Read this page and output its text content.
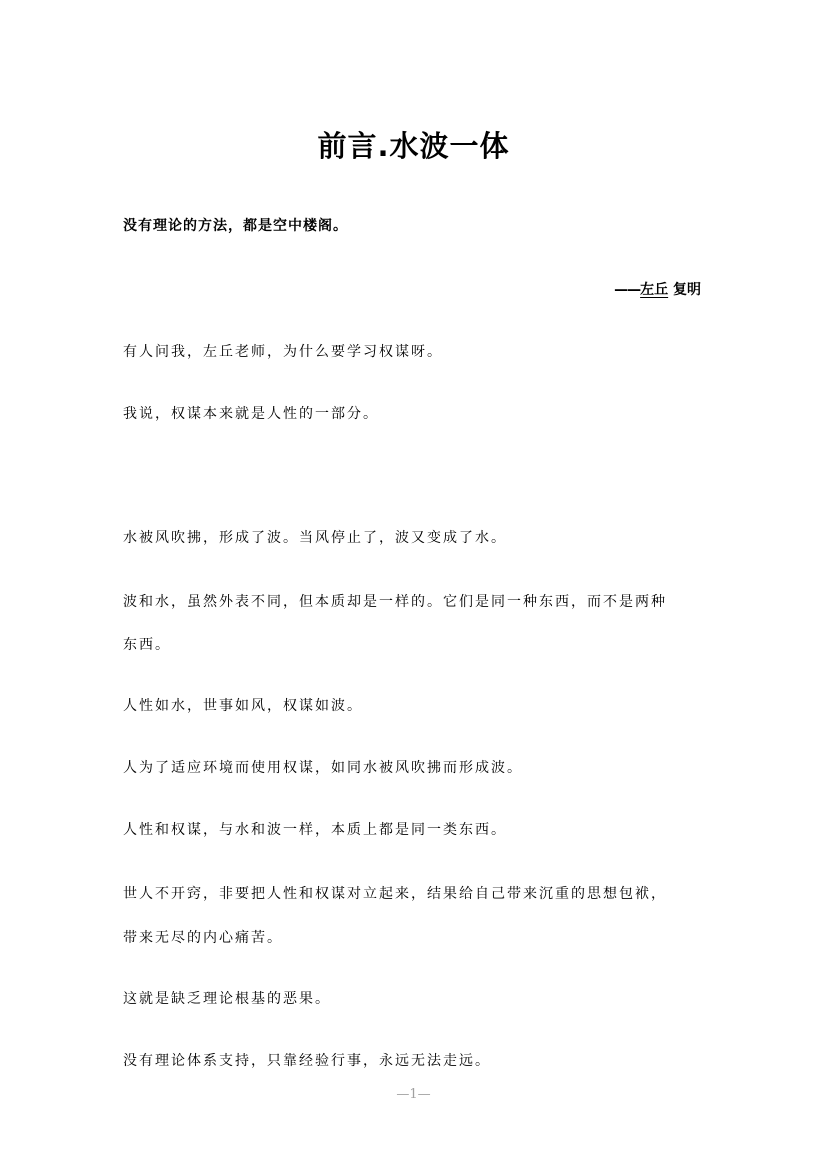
前言.水波一体

没有理论的方法，都是空中楼阁。

——左丘 复明

有人问我，左丘老师，为什么要学习权谋呀。

我说，权谋本来就是人性的一部分。

水被风吹拂，形成了波。当风停止了，波又变成了水。

波和水，虽然外表不同，但本质却是一样的。它们是同一种东西，而不是两种

东西。

人性如水，世事如风，权谋如波。

人为了适应环境而使用权谋，如同水被风吹拂而形成波。

人性和权谋，与水和波一样，本质上都是同一类东西。

世人不开窍，非要把人性和权谋对立起来，结果给自己带来沉重的思想包袱，

带来无尽的内心痛苦。

这就是缺乏理论根基的恶果。

没有理论体系支持，只靠经验行事，永远无法走远。

—1—
